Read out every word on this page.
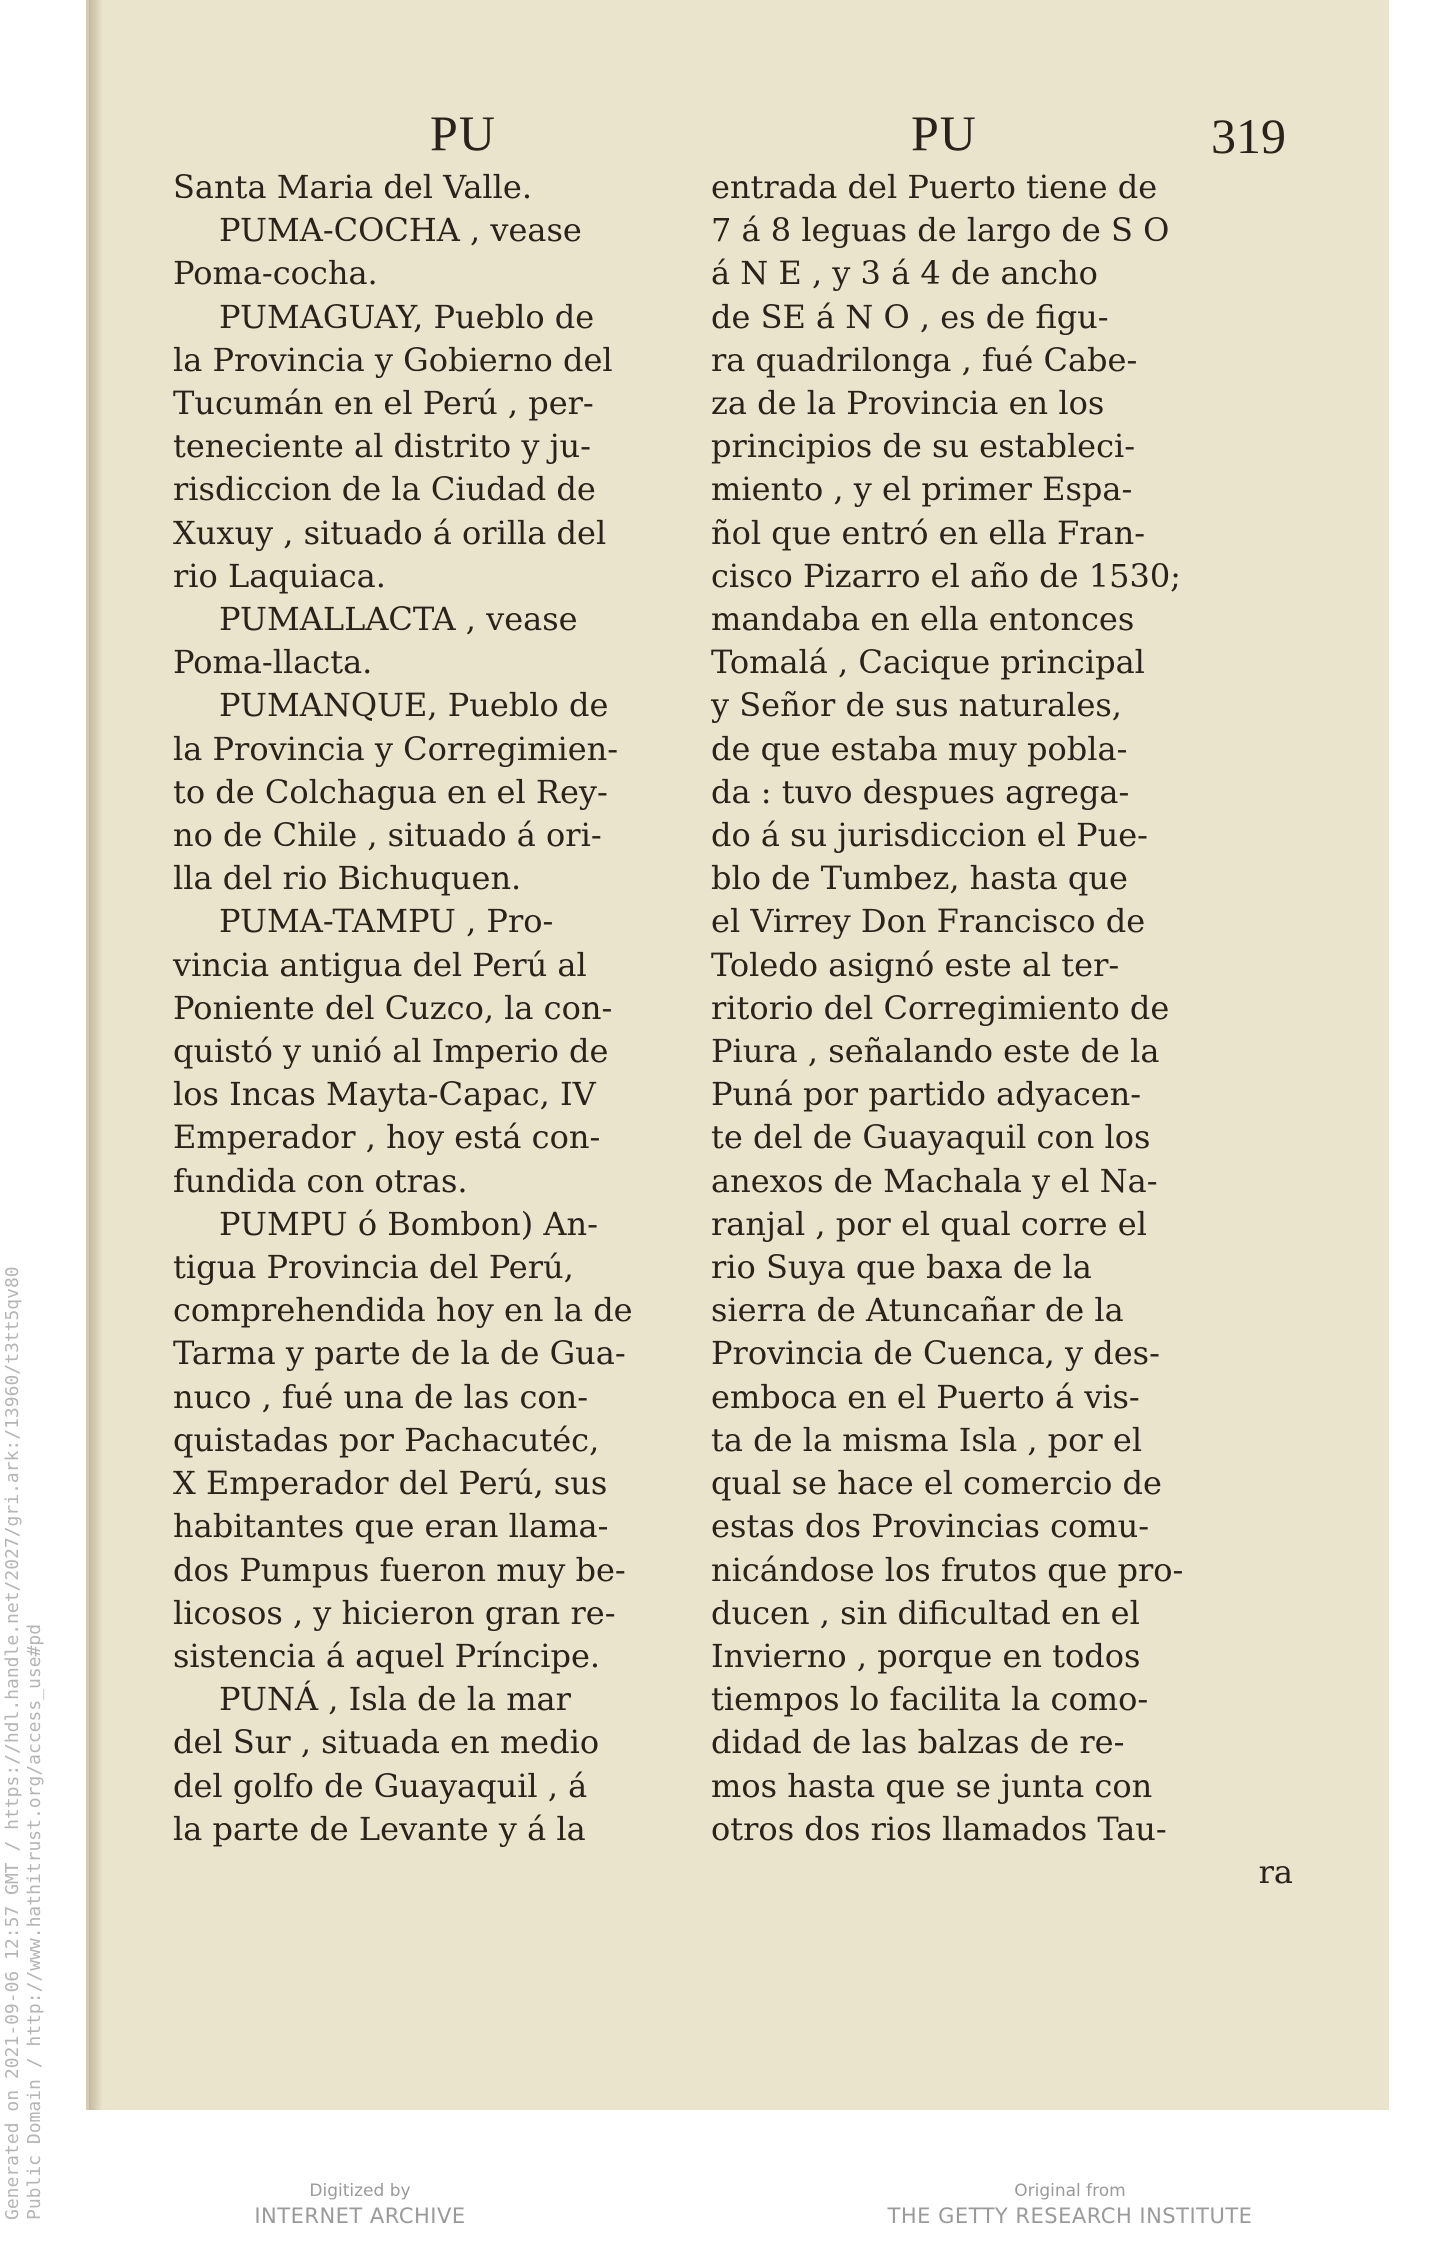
PU
Santa Maria del Valle.
PUMA-COCHA , vease
Poma-cocha.
PUMAGUAY, Pueblo de
la Provincia y Gobierno del
Tucumán en el Perú , per-
teneciente al distrito y ju-
risdiccion de la Ciudad de
Xuxuy , situado á orilla del
rio Laquiaca.
PUMALLACTA , vease
Poma-llacta.
PUMANQUE, Pueblo de
la Provincia y Corregimien-
to de Colchagua en el Rey-
no de Chile , situado á ori-
lla del rio Bichuquen.
PUMA-TAMPU , Pro-
vincia antigua del Perú al
Poniente del Cuzco, la con-
quistó y unió al Imperio de
los Incas Mayta-Capac, IV
Emperador , hoy está con-
fundida con otras.
PUMPU ó Bombon) An-
tigua Provincia del Perú,
comprehendida hoy en la de
Tarma y parte de la de Gua-
nuco , fué una de las con-
quistadas por Pachacutéc,
X Emperador del Perú, sus
habitantes que eran llama-
dos Pumpus fueron muy be-
licosos , y hicieron gran re-
sistencia á aquel Príncipe.
PUNÁ , Isla de la mar
del Sur , situada en medio
del golfo de Guayaquil , á
la parte de Levante y á la
PU	319
entrada del Puerto tiene de
7 á 8 leguas de largo de S O
á N E , y 3 á 4 de ancho
de SE á N O , es de figu-
ra quadrilonga , fué Cabe-
za de la Provincia en los
principios de su estableci-
miento , y el primer Espa-
ñol que entró en ella Fran-
cisco Pizarro el año de 1530;
mandaba en ella entonces
Tomalá , Cacique principal
y Señor de sus naturales,
de que estaba muy pobla-
da : tuvo despues agrega-
do á su jurisdiccion el Pue-
blo de Tumbez, hasta que
el Virrey Don Francisco de
Toledo asignó este al ter-
ritorio del Corregimiento de
Piura , señalando este de la
Puná por partido adyacen-
te del de Guayaquil con los
anexos de Machala y el Na-
ranjal , por el qual corre el
rio Suya que baxa de la
sierra de Atuncañar de la
Provincia de Cuenca, y des-
emboca en el Puerto á vis-
ta de la misma Isla , por el
qual se hace el comercio de
estas dos Provincias comu-
nicándose los frutos que pro-
ducen , sin dificultad en el
Invierno , porque en todos
tiempos lo facilita la como-
didad de las balzas de re-
mos hasta que se junta con
otros dos rios llamados Tau-
ra
Generated on 2021-09-06 12:57 GMT / https://hdl.handle.net/2027/gri.ark:/13960/t3tt5qv80 Public Domain / http://www.hathitrust.org/access_use#pd	Digitized by
INTERNET ARCHIVE
Original from
THE GETTY RESEARCH INSTITUTE
